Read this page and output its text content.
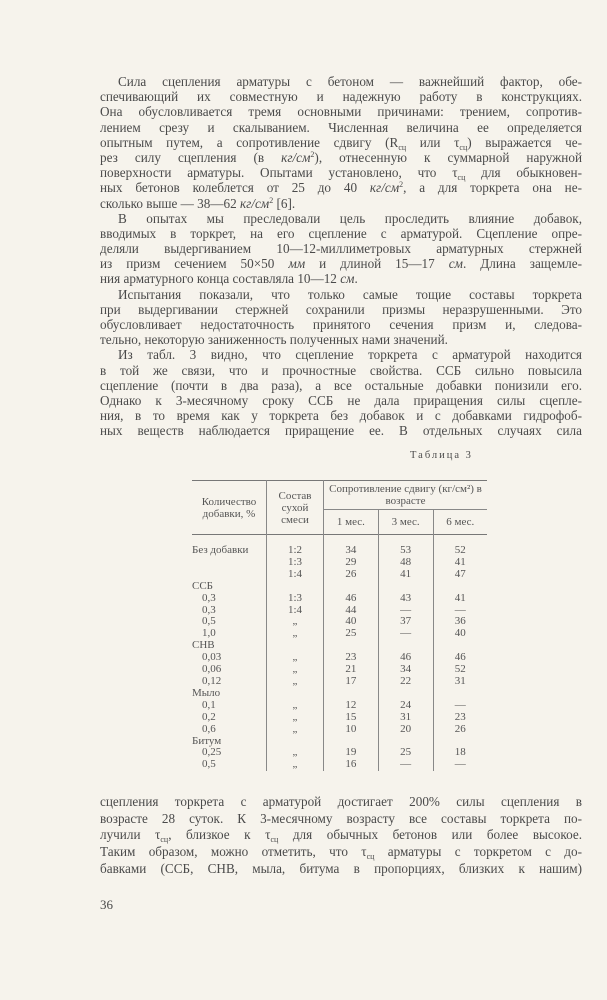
Сила сцепления арматуры с бетоном — важнейший фактор, обе-
спечивающий их совместную и надежную работу в конструкциях.
Она обусловливается тремя основными причинами: трением, сопротив-
лением срезу и скалыванием. Численная величина ее определяется
опытным путем, а сопротивление сдвигу ($R_{сц}$ или $\tau_{сц}$) выражается че-
рез силу сцепления (в $кг/см^2$), отнесенную к суммарной наружной
поверхности арматуры. Опытами установлено, что $\tau_{сц}$ для обыкновен-
ных бетонов колеблется от 25 до 40 $кг/см^2$, а для торкрета она не-
сколько выше — 38—62 $кг/см^2$ [6].
В опытах мы преследовали цель проследить влияние добавок,
вводимых в торкрет, на его сцепление с арматурой. Сцепление опре-
деляли выдергиванием 10—12-миллиметровых арматурных стержней
из призм сечением 50×50 мм и длиной 15—17 см. Длина защемле-
ния арматурного конца составляла 10—12 см.
Испытания показали, что только самые тощие составы торкрета
при выдергивании стержней сохранили призмы неразрушенными. Это
обусловливает недостаточность принятого сечения призм и, следова-
тельно, некоторую заниженность полученных нами значений.
Из табл. 3 видно, что сцепление торкрета с арматурой находится
в той же связи, что и прочностные свойства. ССБ сильно повысила
сцепление (почти в два раза), а все остальные добавки понизили его.
Однако к 3-месячному сроку ССБ не дала приращения силы сцепле-
ния, в то время как у торкрета без добавок и с добавками гидрофоб-
ных веществ наблюдается приращение ее. В отдельных случаях сила
Таблица 3
Количество добавки, %	Состав сухой смеси	Сопротивление сдвигу (кг/см²) в возрасте		
		1 мес.	3 мес.	6 мес.
Без добавки	1:2	34	53	52
	1:3	29	48	41
	1:4	26	41	47
ССБ				
0,3	1:3	46	43	41
0,3	1:4	44	—	—
0,5	„	40	37	36
1,0	„	25	—	40
СНВ				
0,03	„	23	46	46
0,06	„	21	34	52
0,12	„	17	22	31
Мыло				
0,1	„	12	24	—
0,2	„	15	31	23
0,6	„	10	20	26
Битум				
0,25	„	19	25	18
0,5	„	16	—	—
сцепления торкрета с арматурой достигает 200% силы сцепления в
возрасте 28 суток. К 3-месячному возрасту все составы торкрета по-
лучили $\tau_{сц}$, близкое к $\tau_{сц}$ для обычных бетонов или более высокое.
Таким образом, можно отметить, что $\tau_{сц}$ арматуры с торкретом с до-
бавками (ССБ, СНВ, мыла, битума в пропорциях, близких к нашим)
36
